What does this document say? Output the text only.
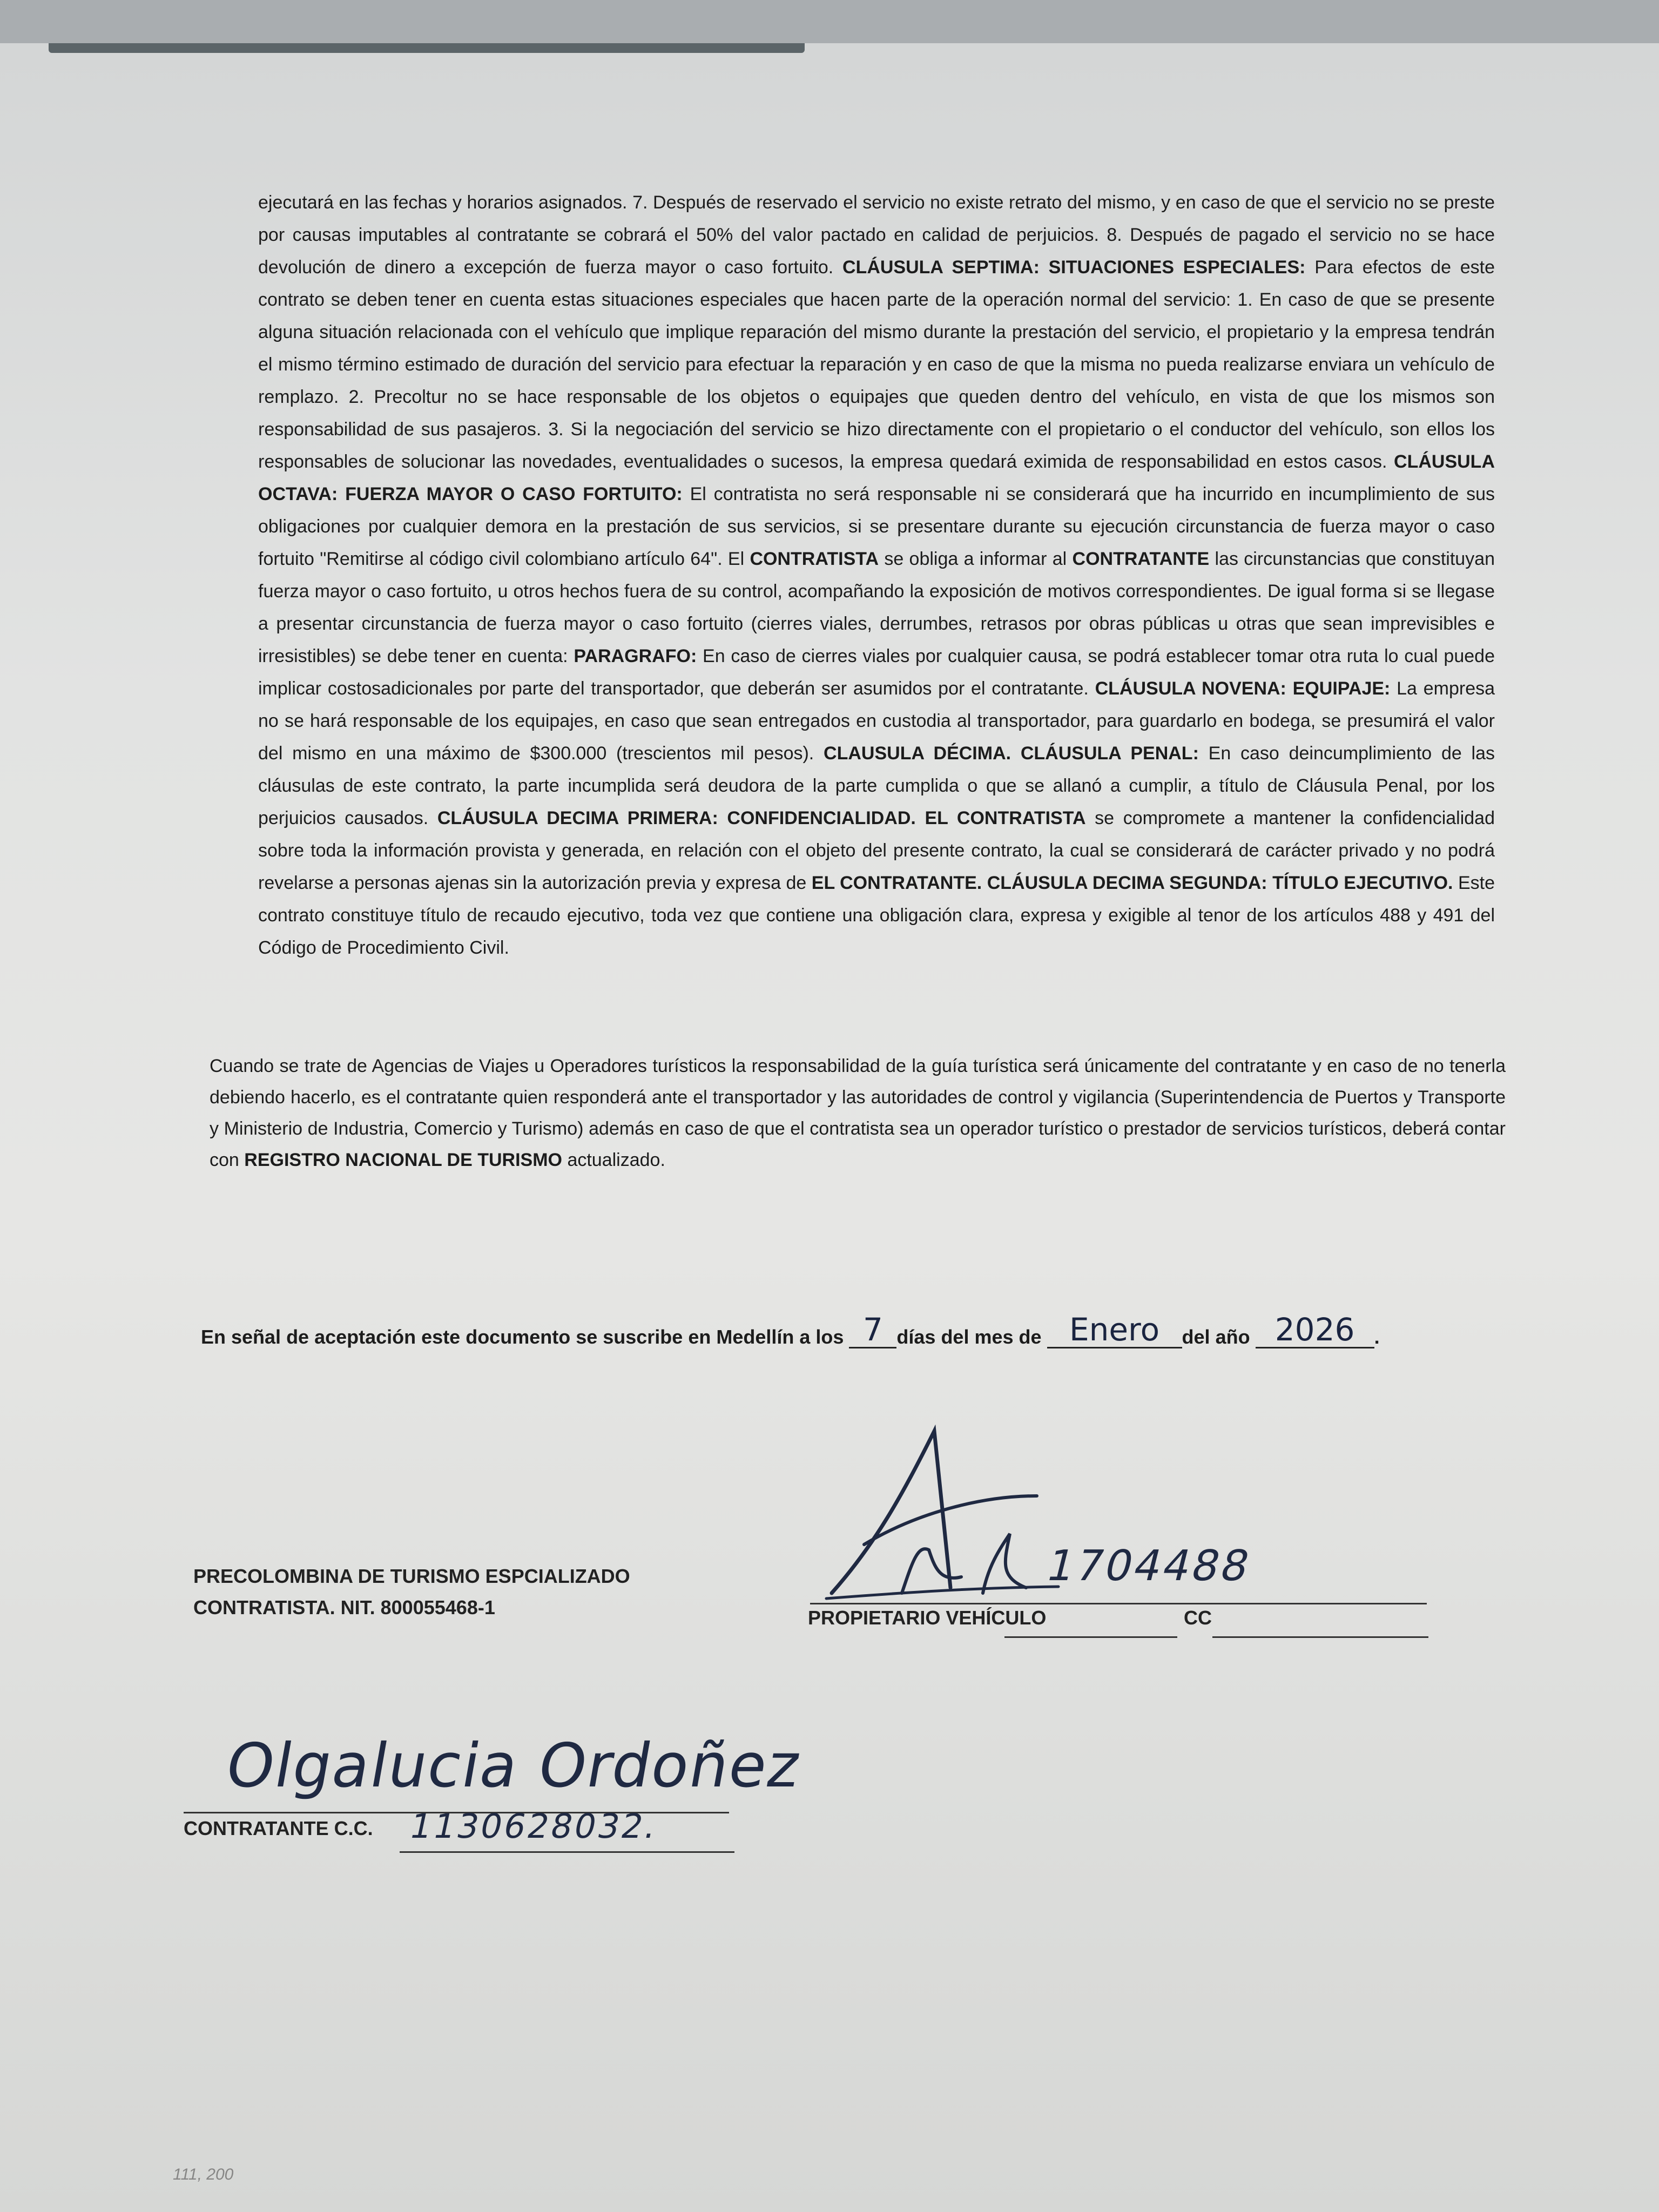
ejecutará en las fechas y horarios asignados. 7. Después de reservado el servicio no existe retrato del mismo, y en caso de que el servicio no se preste por causas imputables al contratante se cobrará el 50% del valor pactado en calidad de perjuicios. 8. Después de pagado el servicio no se hace devolución de dinero a excepción de fuerza mayor o caso fortuito. CLÁUSULA SEPTIMA: SITUACIONES ESPECIALES: Para efectos de este contrato se deben tener en cuenta estas situaciones especiales que hacen parte de la operación normal del servicio: 1. En caso de que se presente alguna situación relacionada con el vehículo que implique reparación del mismo durante la prestación del servicio, el propietario y la empresa tendrán el mismo término estimado de duración del servicio para efectuar la reparación y en caso de que la misma no pueda realizarse enviara un vehículo de remplazo. 2. Precoltur no se hace responsable de los objetos o equipajes que queden dentro del vehículo, en vista de que los mismos son responsabilidad de sus pasajeros. 3. Si la negociación del servicio se hizo directamente con el propietario o el conductor del vehículo, son ellos los responsables de solucionar las novedades, eventualidades o sucesos, la empresa quedará eximida de responsabilidad en estos casos. CLÁUSULA OCTAVA: FUERZA MAYOR O CASO FORTUITO: El contratista no será responsable ni se considerará que ha incurrido en incumplimiento de sus obligaciones por cualquier demora en la prestación de sus servicios, si se presentare durante su ejecución circunstancia de fuerza mayor o caso fortuito "Remitirse al código civil colombiano artículo 64". El CONTRATISTA se obliga a informar al CONTRATANTE las circunstancias que constituyan fuerza mayor o caso fortuito, u otros hechos fuera de su control, acompañando la exposición de motivos correspondientes. De igual forma si se llegase a presentar circunstancia de fuerza mayor o caso fortuito (cierres viales, derrumbes, retrasos por obras públicas u otras que sean imprevisibles e irresistibles) se debe tener en cuenta: PARAGRAFO: En caso de cierres viales por cualquier causa, se podrá establecer tomar otra ruta lo cual puede implicar costosadicionales por parte del transportador, que deberán ser asumidos por el contratante. CLÁUSULA NOVENA: EQUIPAJE: La empresa no se hará responsable de los equipajes, en caso que sean entregados en custodia al transportador, para guardarlo en bodega, se presumirá el valor del mismo en una máximo de $300.000 (trescientos mil pesos). CLAUSULA DÉCIMA. CLÁUSULA PENAL: En caso deincumplimiento de las cláusulas de este contrato, la parte incumplida será deudora de la parte cumplida o que se allanó a cumplir, a título de Cláusula Penal, por los perjuicios causados. CLÁUSULA DECIMA PRIMERA: CONFIDENCIALIDAD. EL CONTRATISTA se compromete a mantener la confidencialidad sobre toda la información provista y generada, en relación con el objeto del presente contrato, la cual se considerará de carácter privado y no podrá revelarse a personas ajenas sin la autorización previa y expresa de EL CONTRATANTE. CLÁUSULA DECIMA SEGUNDA: TÍTULO EJECUTIVO. Este contrato constituye título de recaudo ejecutivo, toda vez que contiene una obligación clara, expresa y exigible al tenor de los artículos 488 y 491 del Código de Procedimiento Civil.

Cuando se trate de Agencias de Viajes u Operadores turísticos la responsabilidad de la guía turística será únicamente del contratante y en caso de no tenerla debiendo hacerlo, es el contratante quien responderá ante el transportador y las autoridades de control y vigilancia (Superintendencia de Puertos y Transporte y Ministerio de Industria, Comercio y Turismo) además en caso de que el contratista sea un operador turístico o prestador de servicios turísticos, deberá contar con REGISTRO NACIONAL DE TURISMO actualizado.

En señal de aceptación este documento se suscribe en Medellín a los 7 días del mes de Enero del año 2026 .
PRECOLOMBINA DE TURISMO ESPCIALIZADO
CONTRATISTA. NIT. 800055468-1
1704488
PROPIETARIO VEHÍCULO	CC
Olgalucia Ordoñez
CONTRATANTE C.C. 1130628032.
111, 200
